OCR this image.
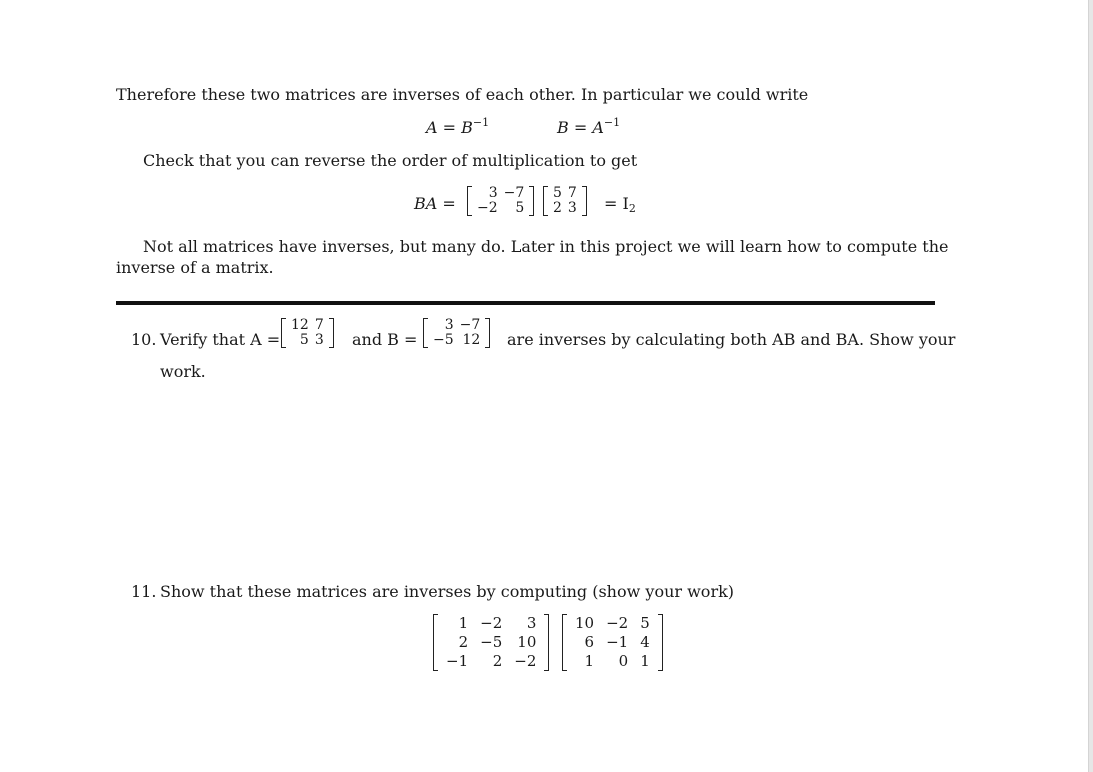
Therefore these two matrices are inverses of each other. In particular we could write
$A = B^{-1}$	$B = A^{-1}$
Check that you can reverse the order of multiplication to get
BA =
3	−7
−2	5
5	7
2	$3 = I_2$
Not all matrices have inverses, but many do. Later in this project we will learn how to compute the
inverse of a matrix.
10. Verify that A =
12	7
5	3 and B =
3	−7
−5	12 are inverses by calculating both AB and BA. Show your
work.
11. Show that these matrices are inverses by computing (show your work)
1	−2	3
2	−5	10
−1	2	−2
10	−2	5
6	−1	4
1	0	1
